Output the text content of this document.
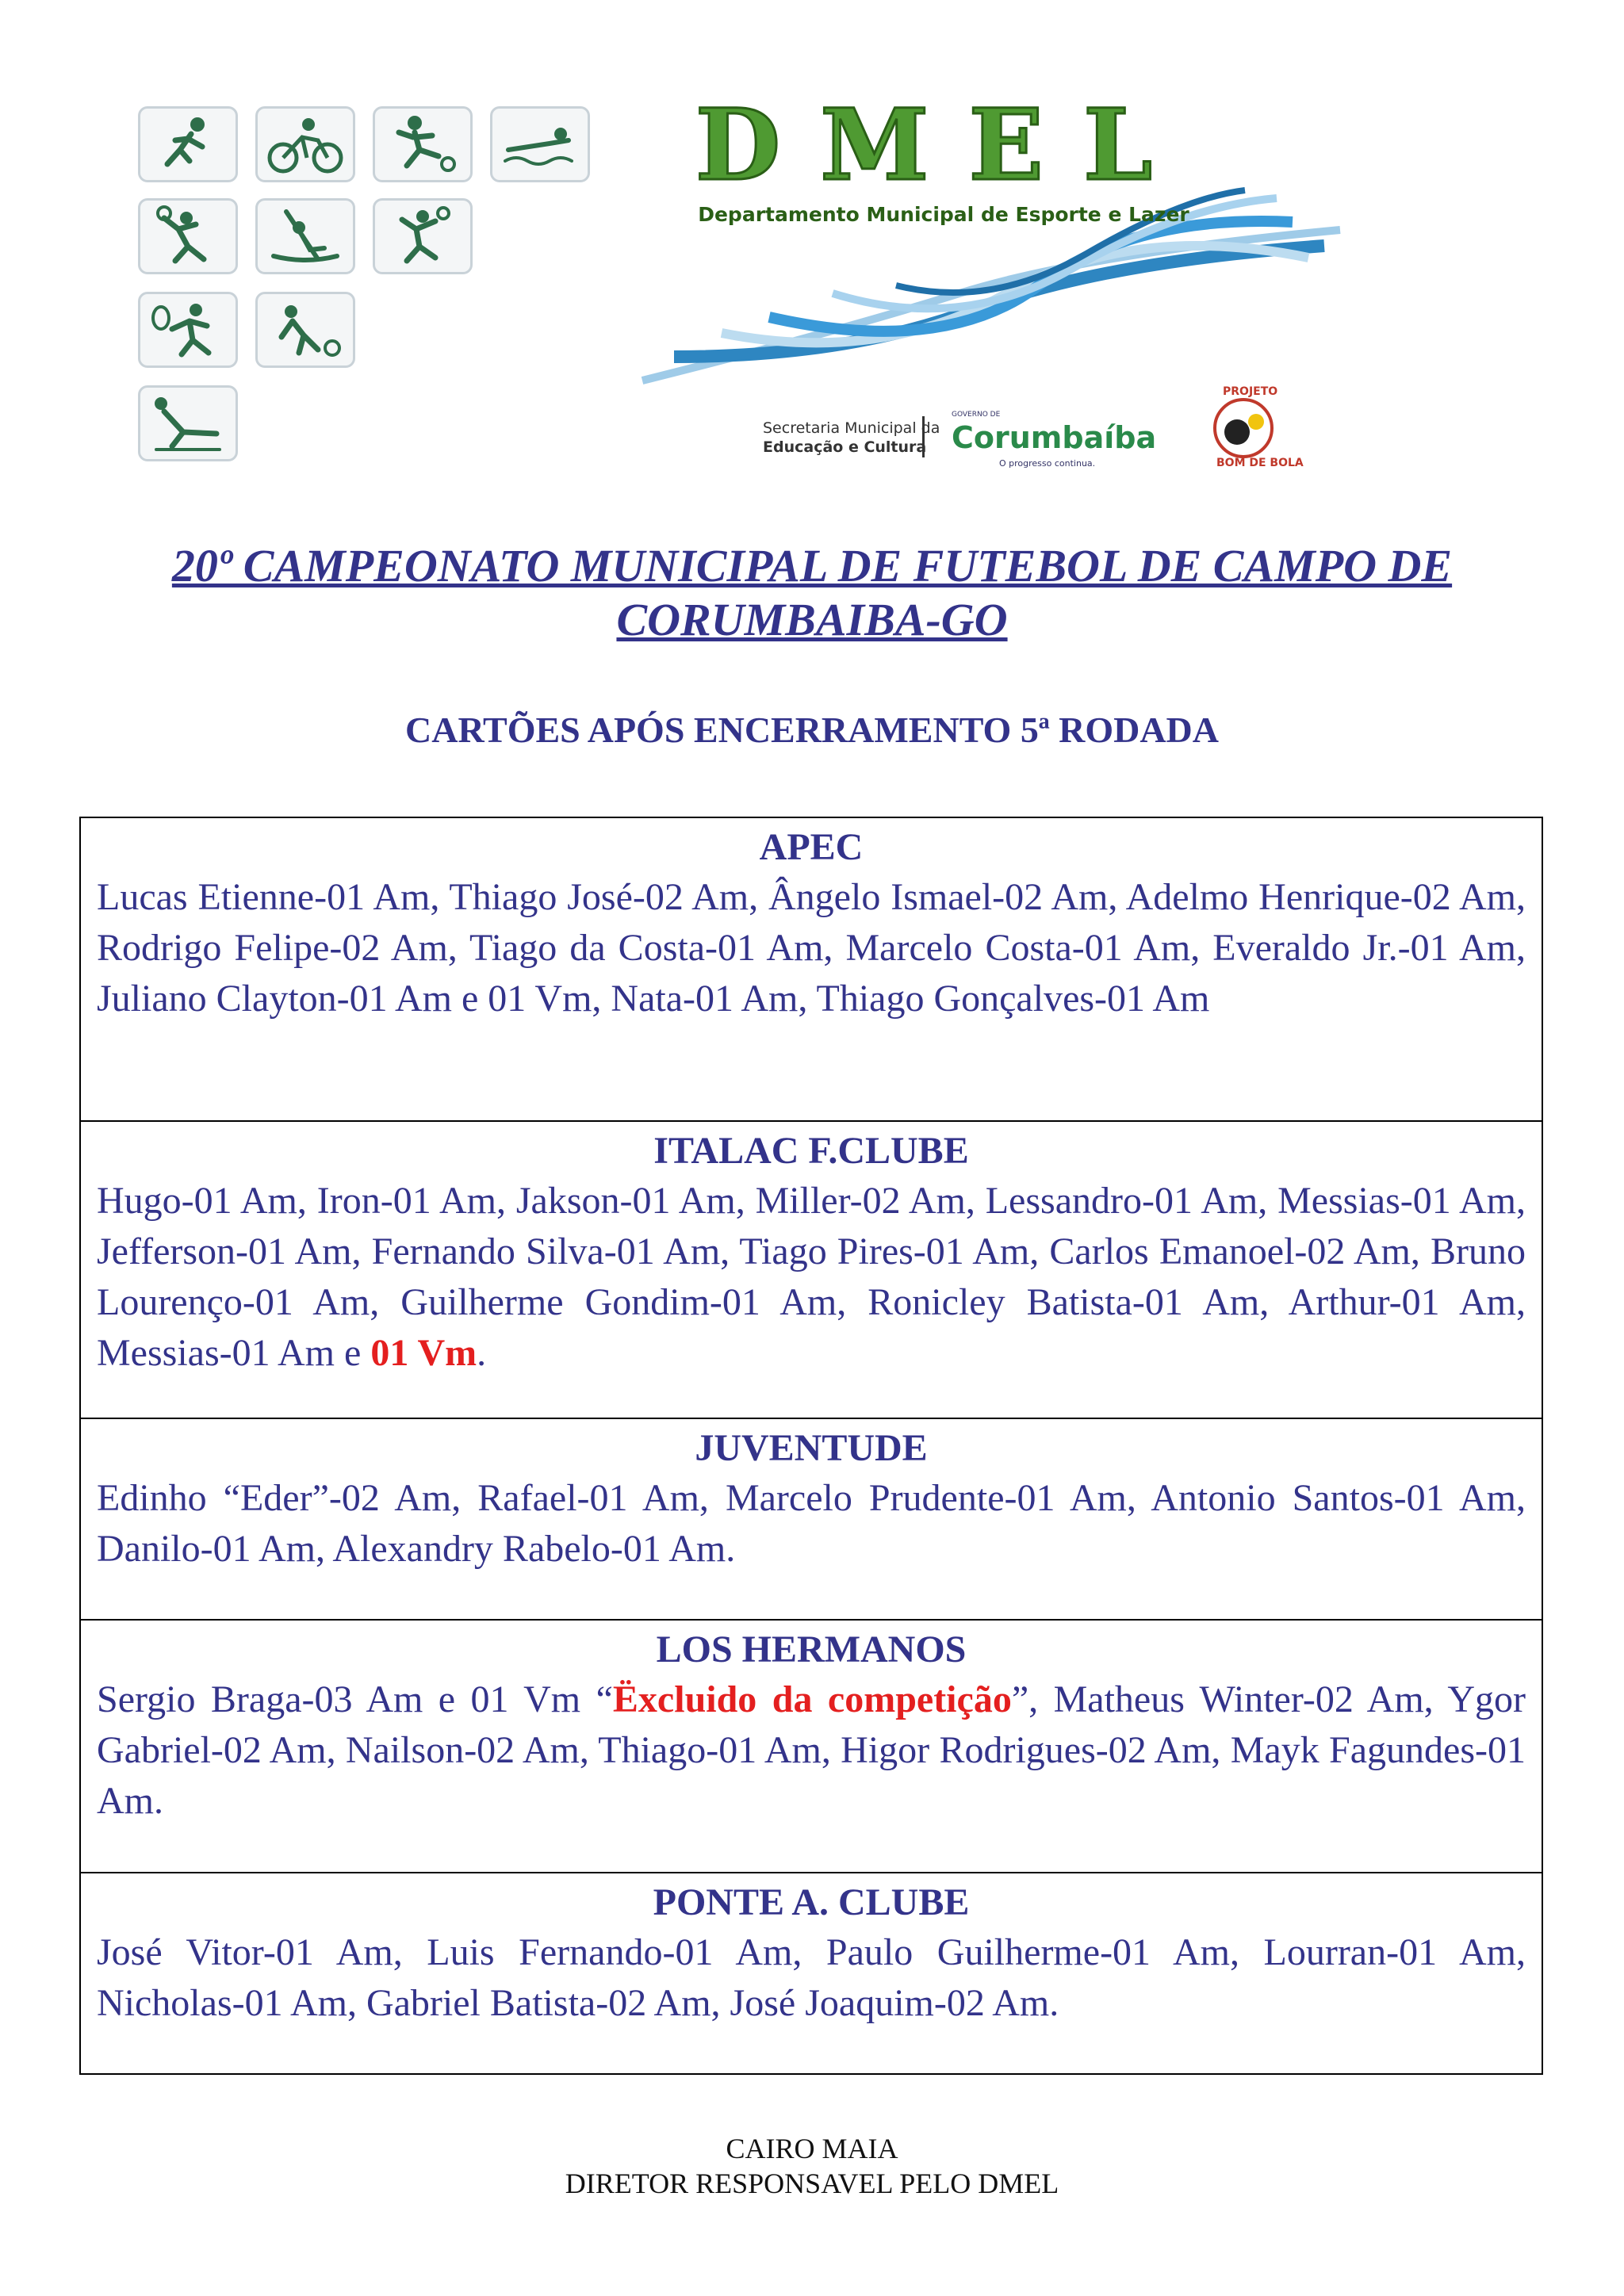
DMEL
Departamento Municipal de Esporte e Lazer
Secretaria Municipal da
Educação e Cultura
GOVERNO DE
Corumbaíba
O progresso continua.
PROJETO
BOM DE BOLA
20º CAMPEONATO MUNICIPAL DE FUTEBOL DE CAMPO DE
CORUMBAIBA-GO
CARTÕES APÓS ENCERRAMENTO 5ª RODADA
APEC
Lucas Etienne-01 Am, Thiago José-02 Am, Ângelo Ismael-02 Am, Adelmo Henrique-02 Am, Rodrigo Felipe-02 Am, Tiago da Costa-01 Am, Marcelo Costa-01 Am, Everaldo Jr.-01 Am, Juliano Clayton-01 Am e 01 Vm, Nata-01 Am, Thiago Gonçalves-01 Am
ITALAC F.CLUBE
Hugo-01 Am, Iron-01 Am, Jakson-01 Am, Miller-02 Am, Lessandro-01 Am, Messias-01 Am, Jefferson-01 Am, Fernando Silva-01 Am, Tiago Pires-01 Am, Carlos Emanoel-02 Am, Bruno Lourenço-01 Am, Guilherme Gondim-01 Am, Ronicley Batista-01 Am, Arthur-01 Am, Messias-01 Am e 01 Vm.
JUVENTUDE
Edinho “Eder”-02 Am, Rafael-01 Am, Marcelo Prudente-01 Am, Antonio Santos-01 Am, Danilo-01 Am, Alexandry Rabelo-01 Am.
LOS HERMANOS
Sergio Braga-03 Am e 01 Vm “Ëxcluido da competição”, Matheus Winter-02 Am, Ygor Gabriel-02 Am, Nailson-02 Am, Thiago-01 Am, Higor Rodrigues-02 Am, Mayk Fagundes-01 Am.
PONTE A. CLUBE
José Vitor-01 Am, Luis Fernando-01 Am, Paulo Guilherme-01 Am, Lourran-01 Am, Nicholas-01 Am, Gabriel Batista-02 Am, José Joaquim-02 Am.
CAIRO MAIA
DIRETOR RESPONSAVEL PELO DMEL
